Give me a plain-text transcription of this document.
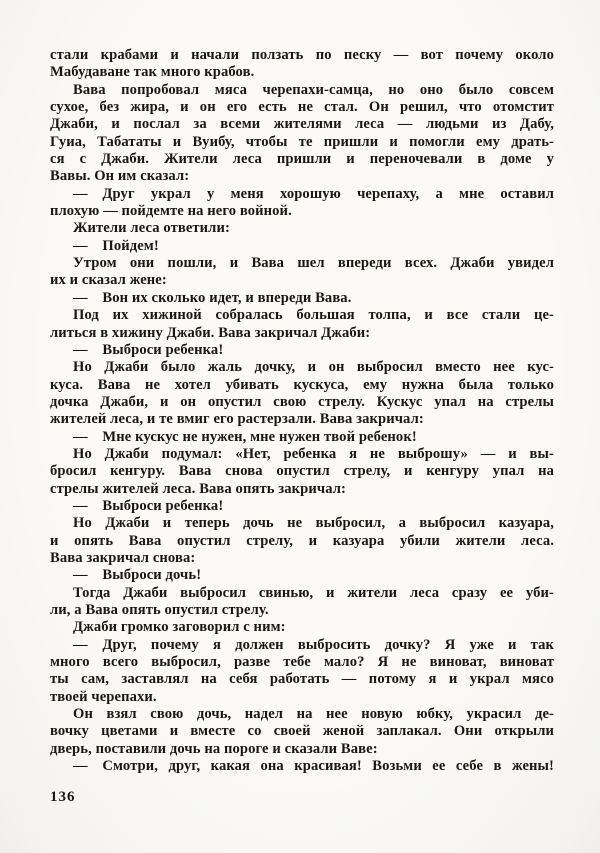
стали крабами и начали ползать по песку — вот почему около
Мабудаване так много крабов.
Вава попробовал мяса черепахи-самца, но оно было совсем
сухое, без жира, и он его есть не стал. Он решил, что отомстит
Джаби, и послал за всеми жителями леса — людьми из Дабу,
Гуиа, Табататы и Вуибу, чтобы те пришли и помогли ему драть-
ся с Джаби. Жители леса пришли и переночевали в доме у
Вавы. Он им сказал:
— Друг украл у меня хорошую черепаху, а мне оставил
плохую — пойдемте на него войной.
Жители леса ответили:
— Пойдем!
Утром они пошли, и Вава шел впереди всех. Джаби увидел
их и сказал жене:
— Вон их сколько идет, и впереди Вава.
Под их хижиной собралась большая толпа, и все стали це-
литься в хижину Джаби. Вава закричал Джаби:
— Выброси ребенка!
Но Джаби было жаль дочку, и он выбросил вместо нее кус-
куса. Вава не хотел убивать кускуса, ему нужна была только
дочка Джаби, и он опустил свою стрелу. Кускус упал на стрелы
жителей леса, и те вмиг его растерзали. Вава закричал:
— Мне кускус не нужен, мне нужен твой ребенок!
Но Джаби подумал: «Нет, ребенка я не выброшу» — и вы-
бросил кенгуру. Вава снова опустил стрелу, и кенгуру упал на
стрелы жителей леса. Вава опять закричал:
— Выброси ребенка!
Но Джаби и теперь дочь не выбросил, а выбросил казуара,
и опять Вава опустил стрелу, и казуара убили жители леса.
Вава закричал снова:
— Выброси дочь!
Тогда Джаби выбросил свинью, и жители леса сразу ее уби-
ли, а Вава опять опустил стрелу.
Джаби громко заговорил с ним:
— Друг, почему я должен выбросить дочку? Я уже и так
много всего выбросил, разве тебе мало? Я не виноват, виноват
ты сам, заставлял на себя работать — потому я и украл мясо
твоей черепахи.
Он взял свою дочь, надел на нее новую юбку, украсил де-
вочку цветами и вместе со своей женой заплакал. Они открыли
дверь, поставили дочь на пороге и сказали Ваве:
— Смотри, друг, какая она красивая! Возьми ее себе в жены!
136
